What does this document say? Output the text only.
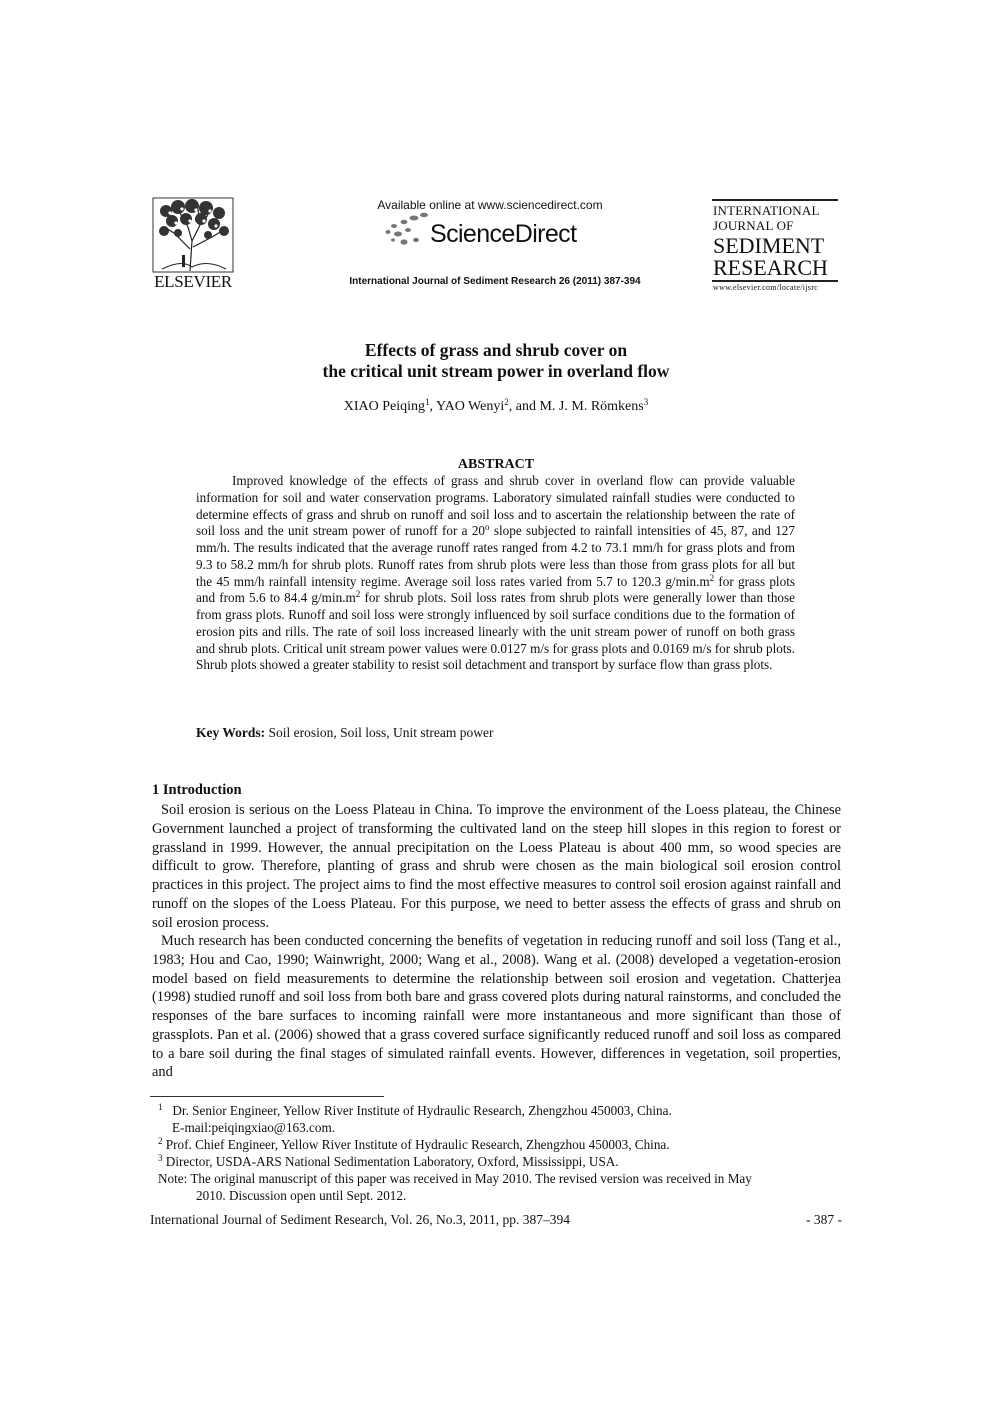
ELSEVIER
Available online at www.sciencedirect.com
ScienceDirect
International Journal of Sediment Research 26 (2011) 387-394
INTERNATIONAL
JOURNAL OF
SEDIMENT
RESEARCH
www.elsevier.com/locate/ijsrc
Effects of grass and shrub cover on
the critical unit stream power in overland flow
XIAO Peiqing$^1$, YAO Wenyi$^2$, and M. J. M. Römkens$^3$
ABSTRACT

Improved knowledge of the effects of grass and shrub cover in overland flow can provide valuable information for soil and water conservation programs. Laboratory simulated rainfall studies were conducted to determine effects of grass and shrub on runoff and soil loss and to ascertain the relationship between the rate of soil loss and the unit stream power of runoff for a 20$^o$ slope subjected to rainfall intensities of 45, 87, and 127 mm/h. The results indicated that the average runoff rates ranged from 4.2 to 73.1 mm/h for grass plots and from 9.3 to 58.2 mm/h for shrub plots. Runoff rates from shrub plots were less than those from grass plots for all but the 45 mm/h rainfall intensity regime. Average soil loss rates varied from 5.7 to 120.3 $g/\min.m^2$ for grass plots and from 5.6 to 84.4 $g/\min.m^2$ for shrub plots. Soil loss rates from shrub plots were generally lower than those from grass plots. Runoff and soil loss were strongly influenced by soil surface conditions due to the formation of erosion pits and rills. The rate of soil loss increased linearly with the unit stream power of runoff on both grass and shrub plots. Critical unit stream power values were 0.0127 m/s for grass plots and 0.0169 m/s for shrub plots. Shrub plots showed a greater stability to resist soil detachment and transport by surface flow than grass plots.

Key Words: Soil erosion, Soil loss, Unit stream power
1 Introduction

Soil erosion is serious on the Loess Plateau in China. To improve the environment of the Loess plateau, the Chinese Government launched a project of transforming the cultivated land on the steep hill slopes in this region to forest or grassland in 1999. However, the annual precipitation on the Loess Plateau is about 400 mm, so wood species are difficult to grow. Therefore, planting of grass and shrub were chosen as the main biological soil erosion control practices in this project. The project aims to find the most effective measures to control soil erosion against rainfall and runoff on the slopes of the Loess Plateau. For this purpose, we need to better assess the effects of grass and shrub on soil erosion process.

Much research has been conducted concerning the benefits of vegetation in reducing runoff and soil loss (Tang et al., 1983; Hou and Cao, 1990; Wainwright, 2000; Wang et al., 2008). Wang et al. (2008) developed a vegetation-erosion model based on field measurements to determine the relationship between soil erosion and vegetation. Chatterjea (1998) studied runoff and soil loss from both bare and grass covered plots during natural rainstorms, and concluded the responses of the bare surfaces to incoming rainfall were more instantaneous and more significant than those of grassplots. Pan et al. (2006) showed that a grass covered surface significantly reduced runoff and soil loss as compared to a bare soil during the final stages of simulated rainfall events. However, differences in vegetation, soil properties, and

$^1$ Dr. Senior Engineer, Yellow River Institute of Hydraulic Research, Zhengzhou 450003, China.
E-mail:peiqingxiao@163.com.
$^2$ Prof. Chief Engineer, Yellow River Institute of Hydraulic Research, Zhengzhou 450003, China.
$^3$ Director, USDA-ARS National Sedimentation Laboratory, Oxford, Mississippi, USA.
Note: The original manuscript of this paper was received in May 2010. The revised version was received in May
2010. Discussion open until Sept. 2012.
International Journal of Sediment Research, Vol. 26, No.3, 2011, pp. 387–394	- 387 -
